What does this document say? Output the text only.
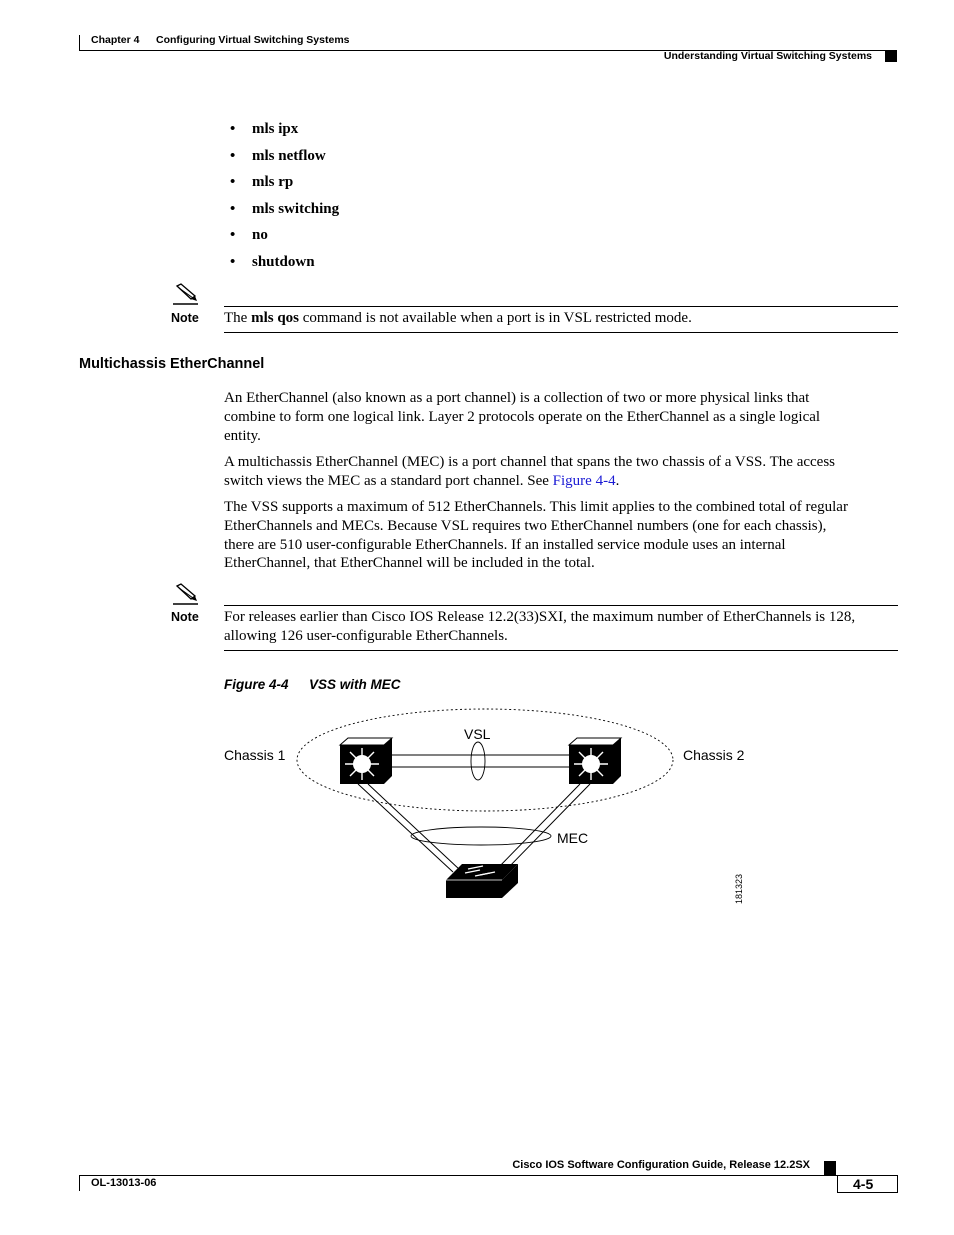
Chapter 4 Configuring Virtual Switching Systems
Understanding Virtual Switching Systems
•	mls ipx
•	mls netflow
•	mls rp
•	mls switching
•	no
•	shutdown
Note The mls qos command is not available when a port is in VSL restricted mode.
Multichassis EtherChannel
An EtherChannel (also known as a port channel) is a collection of two or more physical links that
combine to form one logical link. Layer 2 protocols operate on the EtherChannel as a single logical
entity.
A multichassis EtherChannel (MEC) is a port channel that spans the two chassis of a VSS. The access
switch views the MEC as a standard port channel. See Figure 4-4.
The VSS supports a maximum of 512 EtherChannels. This limit applies to the combined total of regular
EtherChannels and MECs. Because VSL requires two EtherChannel numbers (one for each chassis),
there are 510 user-configurable EtherChannels. If an installed service module uses an internal
EtherChannel, that EtherChannel will be included in the total.
Note For releases earlier than Cisco IOS Release 12.2(33)SXI, the maximum number of EtherChannels is 128,
allowing 126 user-configurable EtherChannels.
Figure 4-4 VSS with MEC
Chassis 1	Chassis 2
VSL
MEC
181323
Cisco IOS Software Configuration Guide, Release 12.2SX
OL-13013-06	4-5
